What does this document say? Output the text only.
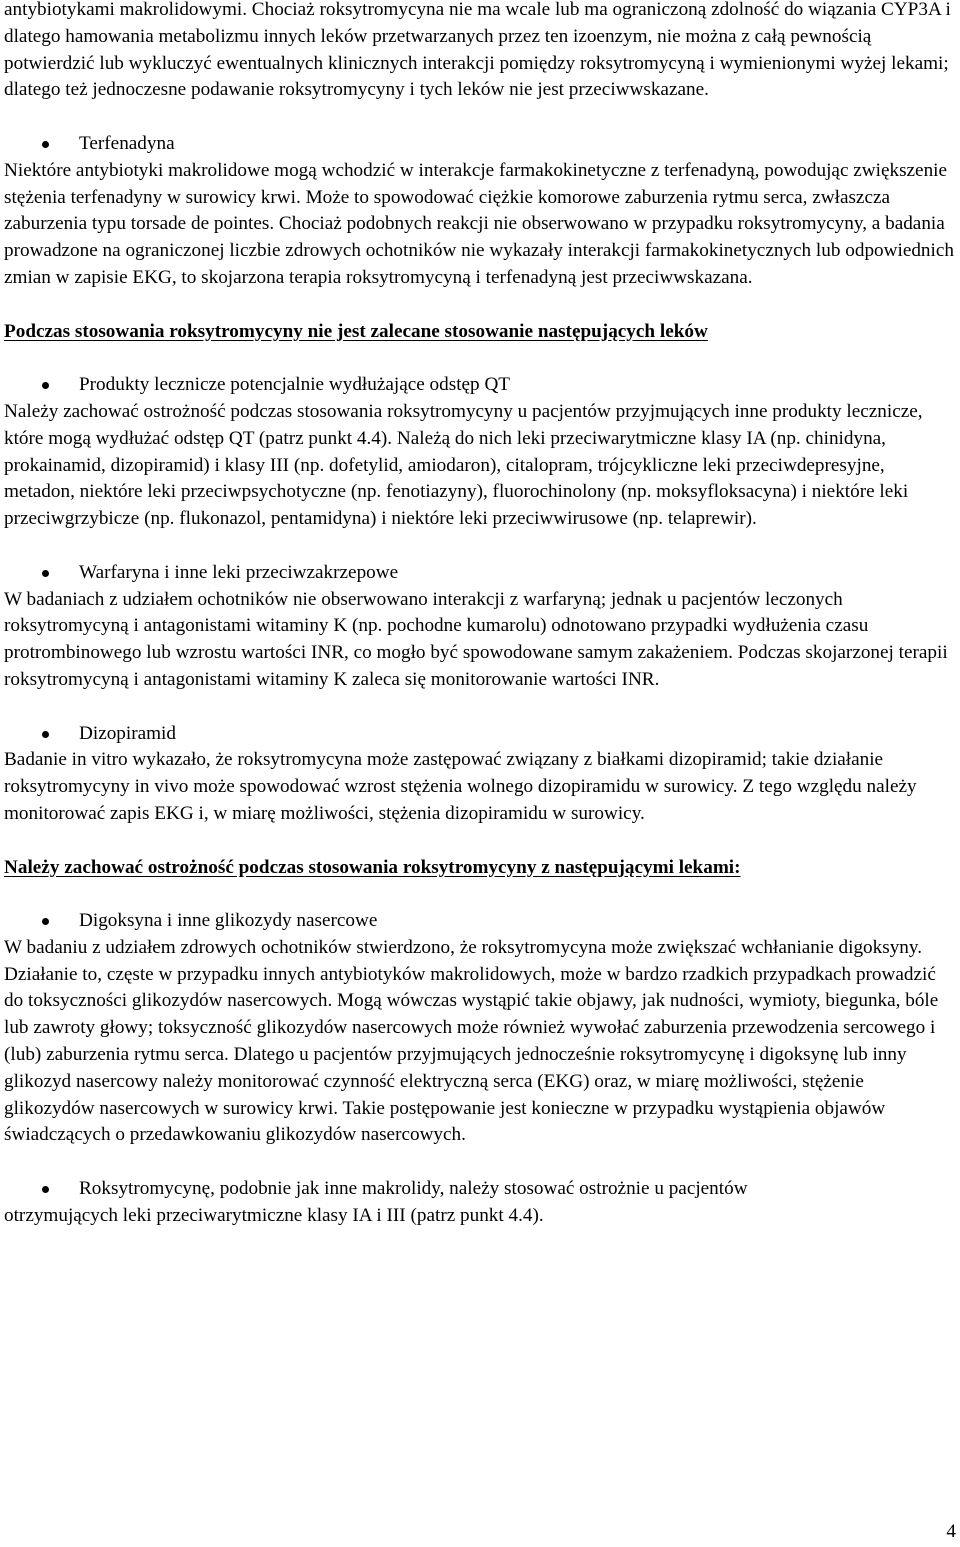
antybiotykami makrolidowymi. Chociaż roksytromycyna nie ma wcale lub ma ograniczoną zdolność do wiązania CYP3A i dlatego hamowania metabolizmu innych leków przetwarzanych przez ten izoenzym, nie można z całą pewnością potwierdzić lub wykluczyć ewentualnych klinicznych interakcji pomiędzy roksytromycyną i wymienionymi wyżej lekami; dlatego też jednoczesne podawanie roksytromycyny i tych leków nie jest przeciwwskazane.

Terfenadyna

Niektóre antybiotyki makrolidowe mogą wchodzić w interakcje farmakokinetyczne z terfenadyną, powodując zwiększenie stężenia terfenadyny w surowicy krwi. Może to spowodować ciężkie komorowe zaburzenia rytmu serca, zwłaszcza zaburzenia typu torsade de pointes. Chociaż podobnych reakcji nie obserwowano w przypadku roksytromycyny, a badania prowadzone na ograniczonej liczbie zdrowych ochotników nie wykazały interakcji farmakokinetycznych lub odpowiednich zmian w zapisie EKG, to skojarzona terapia roksytromycyną i terfenadyną jest przeciwwskazana.

Podczas stosowania roksytromycyny nie jest zalecane stosowanie następujących leków

Produkty lecznicze potencjalnie wydłużające odstęp QT

Należy zachować ostrożność podczas stosowania roksytromycyny u pacjentów przyjmujących inne produkty lecznicze, które mogą wydłużać odstęp QT (patrz punkt 4.4). Należą do nich leki przeciwarytmiczne klasy IA (np. chinidyna, prokainamid, dizopiramid) i klasy III (np. dofetylid, amiodaron), citalopram, trójcykliczne leki przeciwdepresyjne, metadon, niektóre leki przeciwpsychotyczne (np. fenotiazyny), fluorochinolony (np. moksyfloksacyna) i niektóre leki przeciwgrzybicze (np. flukonazol, pentamidyna) i niektóre leki przeciwwirusowe (np. telaprewir).

Warfaryna i inne leki przeciwzakrzepowe

W badaniach z udziałem ochotników nie obserwowano interakcji z warfaryną; jednak u pacjentów leczonych roksytromycyną i antagonistami witaminy K (np. pochodne kumarolu) odnotowano przypadki wydłużenia czasu protrombinowego lub wzrostu wartości INR, co mogło być spowodowane samym zakażeniem. Podczas skojarzonej terapii roksytromycyną i antagonistami witaminy K zaleca się monitorowanie wartości INR.

Dizopiramid

Badanie in vitro wykazało, że roksytromycyna może zastępować związany z białkami dizopiramid; takie działanie roksytromycyny in vivo może spowodować wzrost stężenia wolnego dizopiramidu w surowicy. Z tego względu należy monitorować zapis EKG i, w miarę możliwości, stężenia dizopiramidu w surowicy.

Należy zachować ostrożność podczas stosowania roksytromycyny z następującymi lekami:

Digoksyna i inne glikozydy nasercowe

W badaniu z udziałem zdrowych ochotników stwierdzono, że roksytromycyna może zwiększać wchłanianie digoksyny. Działanie to, częste w przypadku innych antybiotyków makrolidowych, może w bardzo rzadkich przypadkach prowadzić do toksyczności glikozydów nasercowych. Mogą wówczas wystąpić takie objawy, jak nudności, wymioty, biegunka, bóle lub zawroty głowy; toksyczność glikozydów nasercowych może również wywołać zaburzenia przewodzenia sercowego i (lub) zaburzenia rytmu serca. Dlatego u pacjentów przyjmujących jednocześnie roksytromycynę i digoksynę lub inny glikozyd nasercowy należy monitorować czynność elektryczną serca (EKG) oraz, w miarę możliwości, stężenie glikozydów nasercowych w surowicy krwi. Takie postępowanie jest konieczne w przypadku wystąpienia objawów świadczących o przedawkowaniu glikozydów nasercowych.

Roksytromycynę, podobnie jak inne makrolidy, należy stosować ostrożnie u pacjentów

otrzymujących leki przeciwarytmiczne klasy IA i III (patrz punkt 4.4).

4
